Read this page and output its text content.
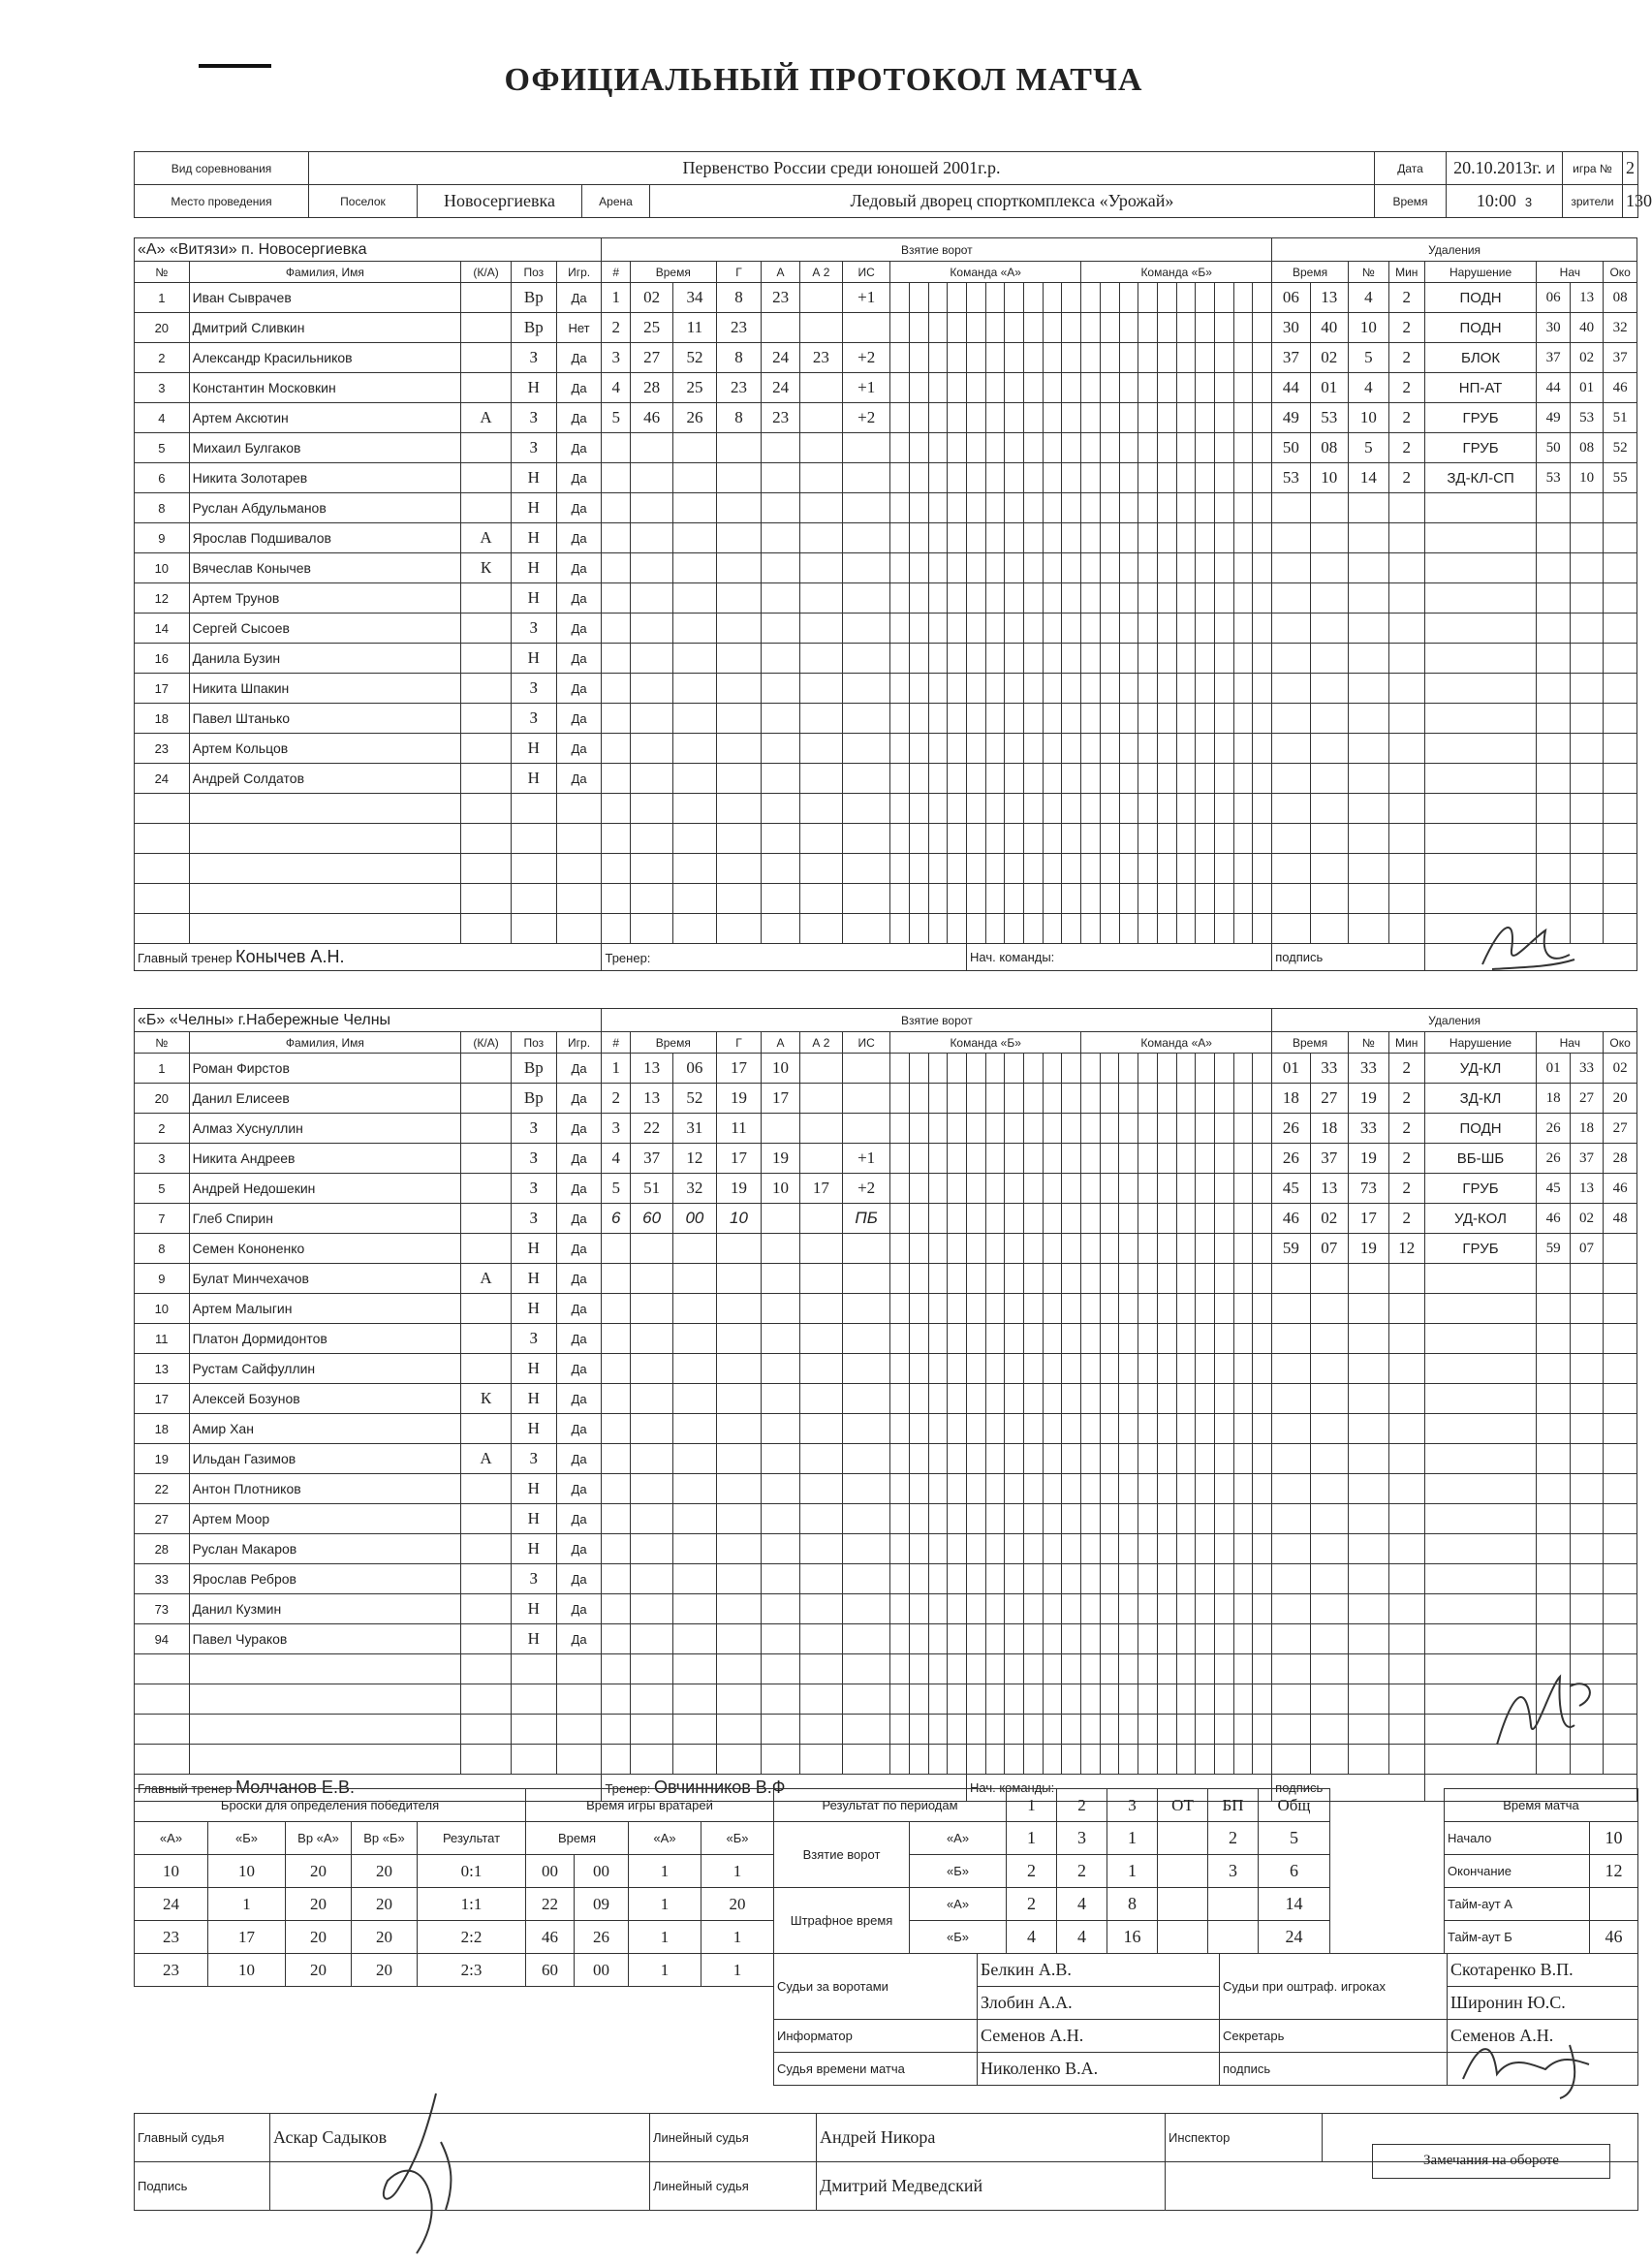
ОФИЦИАЛЬНЫЙ ПРОТОКОЛ МАТЧА
Вид соревнования	Первенство России среди юношей 2001г.р.				Дата	20.10.2013г. И	игра №	2
Место проведения	Поселок	Новосергиевка	Арена	Ледовый дворец спорткомплекса «Урожай»	Время	10:00 3	зрители	130
«А» «Витязи» п. Новосергиевка					Взятие ворот																											Удаления							
№	Фамилия, Имя	(К/А)	Поз	Игр.	#	Время		Г	А	А 2	ИС	Команда «А»										Команда «Б»										Время		№	Мин	Нарушение	Нач		Око
1	Иван Сыврачев		Вр	Да	1	02	34	8	23		+1																					06	13	4	2	ПОДН	06	13	08
20	Дмитрий Сливкин		Вр	Нет	2	25	11	23																								30	40	10	2	ПОДН	30	40	32
2	Александр Красильников		З	Да	3	27	52	8	24	23	+2																					37	02	5	2	БЛОК	37	02	37
3	Константин Московкин		Н	Да	4	28	25	23	24		+1																					44	01	4	2	НП-АТ	44	01	46
4	Артем Аксютин	А	З	Да	5	46	26	8	23		+2																					49	53	10	2	ГРУБ	49	53	51
5	Михаил Булгаков		З	Да																												50	08	5	2	ГРУБ	50	08	52
6	Никита Золотарев		Н	Да																												53	10	14	2	ЗД-КЛ-СП	53	10	55
8	Руслан Абдульманов		Н	Да																																			
9	Ярослав Подшивалов	А	Н	Да																																			
10	Вячеслав Конычев	К	Н	Да																																			
12	Артем Трунов		Н	Да																																			
14	Сергей Сысоев		З	Да																																			
16	Данила Бузин		Н	Да																																			
17	Никита Шпакин		З	Да																																			
18	Павел Штанько		З	Да																																			
23	Артем Кольцов		Н	Да																																			
24	Андрей Солдатов		Н	Да																																			

Главный тренер Конычев А.Н.					Тренер:											Нач. команды:																подпись							
«Б» «Челны» г.Набережные Челны					Взятие ворот																											Удаления							
№	Фамилия, Имя	(К/А)	Поз	Игр.	#	Время		Г	А	А 2	ИС	Команда «Б»										Команда «А»										Время		№	Мин	Нарушение	Нач		Око
1	Роман Фирстов		Вр	Да	1	13	06	17	10																							01	33	33	2	УД-КЛ	01	33	02
20	Данил Елисеев		Вр	Да	2	13	52	19	17																							18	27	19	2	ЗД-КЛ	18	27	20
2	Алмаз Хуснуллин		З	Да	3	22	31	11																								26	18	33	2	ПОДН	26	18	27
3	Никита Андреев		З	Да	4	37	12	17	19		+1																					26	37	19	2	ВБ-ШБ	26	37	28
5	Андрей Недошекин		З	Да	5	51	32	19	10	17	+2																					45	13	73	2	ГРУБ	45	13	46
7	Глеб Спирин		З	Да	6	60	00	10			ПБ																					46	02	17	2	УД-КОЛ	46	02	48
8	Семен Кононенко		Н	Да																												59	07	19	12	ГРУБ	59	07	
9	Булат Минчехачов	А	Н	Да																																			
10	Артем Малыгин		Н	Да																																			
11	Платон Дормидонтов		З	Да																																			
13	Рустам Сайфуллин		Н	Да																																			
17	Алексей Бозунов	К	Н	Да																																			
18	Амир Хан		Н	Да																																			
19	Ильдан Газимов	А	З	Да																																			
22	Антон Плотников		Н	Да																																			
27	Артем Моор		Н	Да																																			
28	Руслан Макаров		Н	Да																																			
33	Ярослав Ребров		З	Да																																			
73	Данил Кузмин		Н	Да																																			
94	Павел Чураков		Н	Да																																			

Главный тренер Молчанов Е.В.					Тренер: Овчинников В.Ф											Нач. команды:																подпись							
Броски для определения победителя				
«А»	«Б»	Вр «А»	Вр «Б»	Результат
10	10	20	20	0:1
24	1	20	20	1:1
23	17	20	20	2:2
23	10	20	20	2:3
Время игры вратарей			
Время		«А»	«Б»
00	00	1	1
22	09	1	20
46	26	1	1
60	00	1	1
Результат по периодам		1	2	3	ОТ	БП	Общ
Взятие ворот	«А»	1	3	1		2	5
	«Б»	2	2	1		3	6
Штрафное время	«А»	2	4	8			14
	«Б»	4	4	16			24
Время матча	
Начало	10
Окончание	12
Тайм-аут А	
Тайм-аут Б	46
Судьи за воротами	Белкин А.В.	Судьи при оштраф. игроках	Скотаренко В.П.
	Злобин А.А.		Широнин Ю.С.
Информатор	Семенов А.Н.	Секретарь	Семенов А.Н.
Судья времени матча	Николенко В.А.	подпись	
Главный судья	Аскар Садыков	Линейный судья	Андрей Никора	Инспектор	
Подпись		Линейный судья	Дмитрий Медведский		
Замечания на обороте
